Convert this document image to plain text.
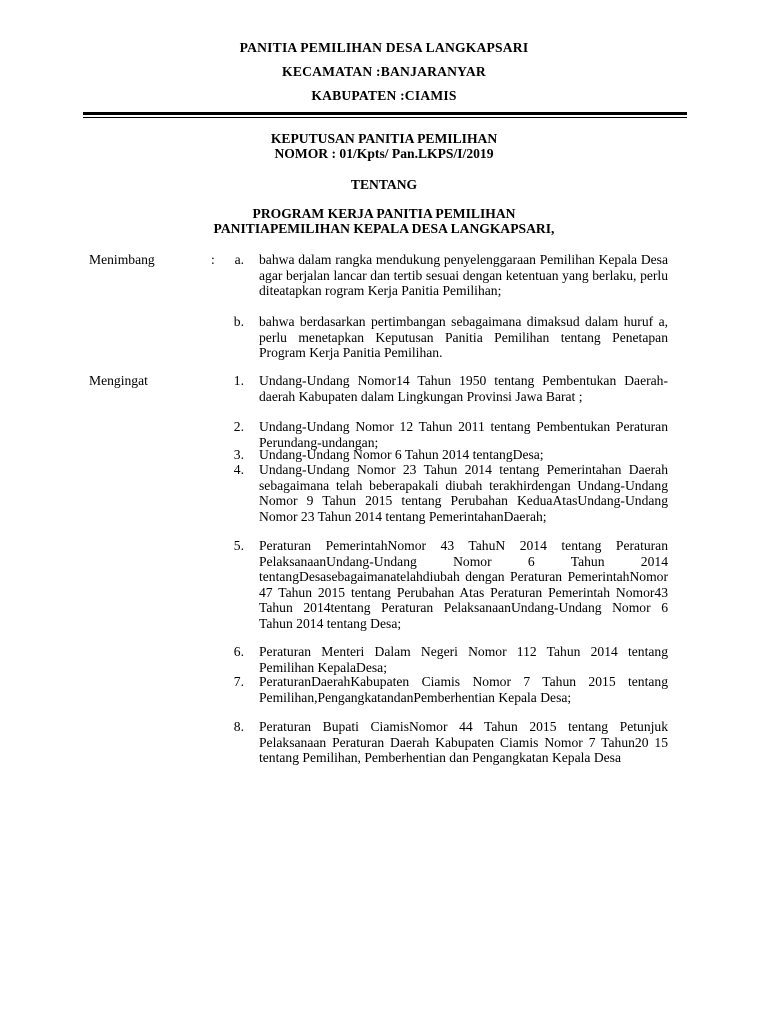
PANITIA PEMILIHAN DESA LANGKAPSARI
KECAMATAN :BANJARANYAR
KABUPATEN :CIAMIS
KEPUTUSAN PANITIA PEMILIHAN
NOMOR : 01/Kpts/ Pan.LKPS/I/2019
TENTANG
PROGRAM KERJA PANITIA PEMILIHAN
PANITIAPEMILIHAN KEPALA DESA LANGKAPSARI,
Menimbang	:	a. bahwa dalam rangka mendukung penyelenggaraan Pemilihan Kepala Desa agar berjalan lancar dan tertib sesuai dengan ketentuan yang berlaku, perlu diteatapkan rogram Kerja Panitia Pemilihan;
b. bahwa berdasarkan pertimbangan sebagaimana dimaksud dalam huruf a, perlu menetapkan Keputusan Panitia Pemilihan tentang Penetapan Program Kerja Panitia Pemilihan.
Mengingat	1. Undang-Undang Nomor14 Tahun 1950 tentang Pembentukan Daerah-daerah Kabupaten dalam Lingkungan Provinsi Jawa Barat ;
2. Undang-Undang Nomor 12 Tahun 2011 tentang Pembentukan Peraturan Perundang-undangan;
3. Undang-Undang Nomor 6 Tahun 2014 tentangDesa;
4. Undang-Undang Nomor 23 Tahun 2014 tentang Pemerintahan Daerah sebagaimana telah beberapakali diubah terakhirdengan Undang-Undang Nomor 9 Tahun 2015 tentang Perubahan KeduaAtasUndang-Undang Nomor 23 Tahun 2014 tentang PemerintahanDaerah;
5. Peraturan PemerintahNomor 43 TahuN 2014 tentang Peraturan PelaksanaanUndang-Undang Nomor 6 Tahun 2014 tentangDesasebagaimanatelahdiubah dengan Peraturan PemerintahNomor 47 Tahun 2015 tentang Perubahan Atas Peraturan Pemerintah Nomor43 Tahun 2014tentang Peraturan PelaksanaanUndang-Undang Nomor 6 Tahun 2014 tentang Desa;
6. Peraturan Menteri Dalam Negeri Nomor 112 Tahun 2014 tentang Pemilihan KepalaDesa;
7. PeraturanDaerahKabupaten Ciamis Nomor 7 Tahun 2015 tentang Pemilihan,PengangkatandanPemberhentian Kepala Desa;
8. Peraturan Bupati CiamisNomor 44 Tahun 2015 tentang Petunjuk Pelaksanaan Peraturan Daerah Kabupaten Ciamis Nomor 7 Tahun20 15 tentang Pemilihan, Pemberhentian dan Pengangkatan Kepala Desa
